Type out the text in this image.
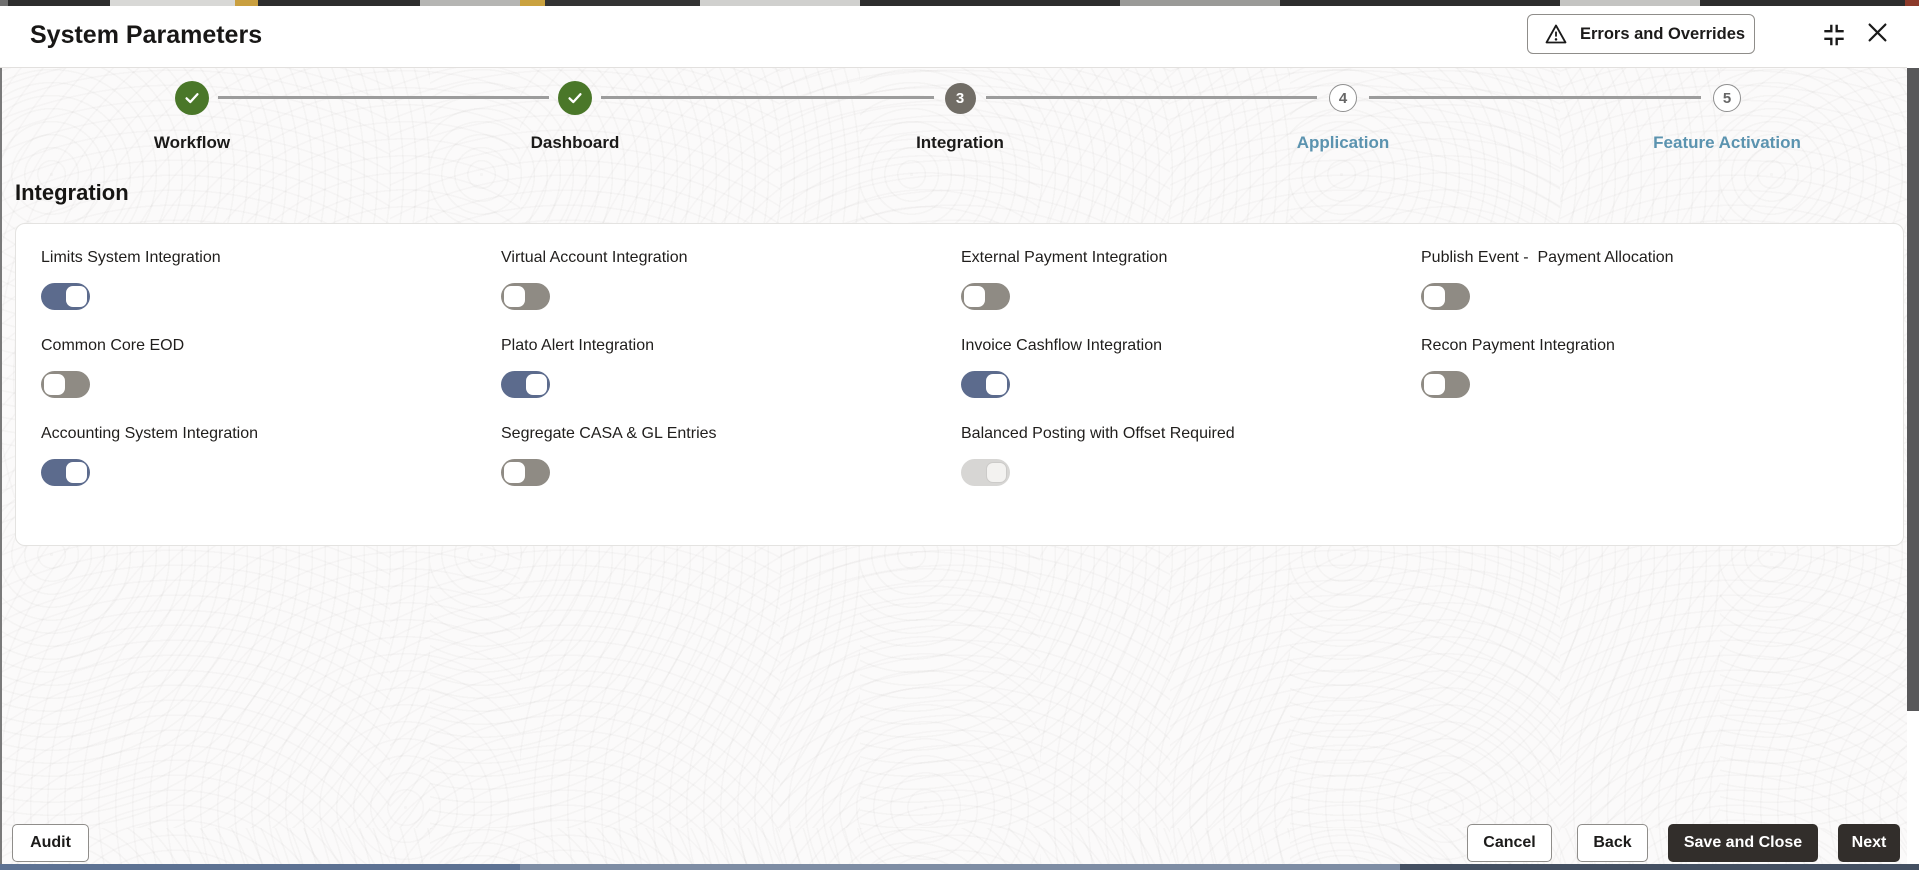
System Parameters	Errors and Overrides
Workflow	Dashboard
3
Integration
4
Application
5
Feature Activation
Integration
Limits System Integration	Virtual Account Integration	External Payment Integration	Publish Event -  Payment Allocation
Common Core EOD	Plato Alert Integration	Invoice Cashflow Integration	Recon Payment Integration
Accounting System Integration	Segregate CASA & GL Entries	Balanced Posting with Offset Required
Audit	Cancel	Back	Save and Close	Next
